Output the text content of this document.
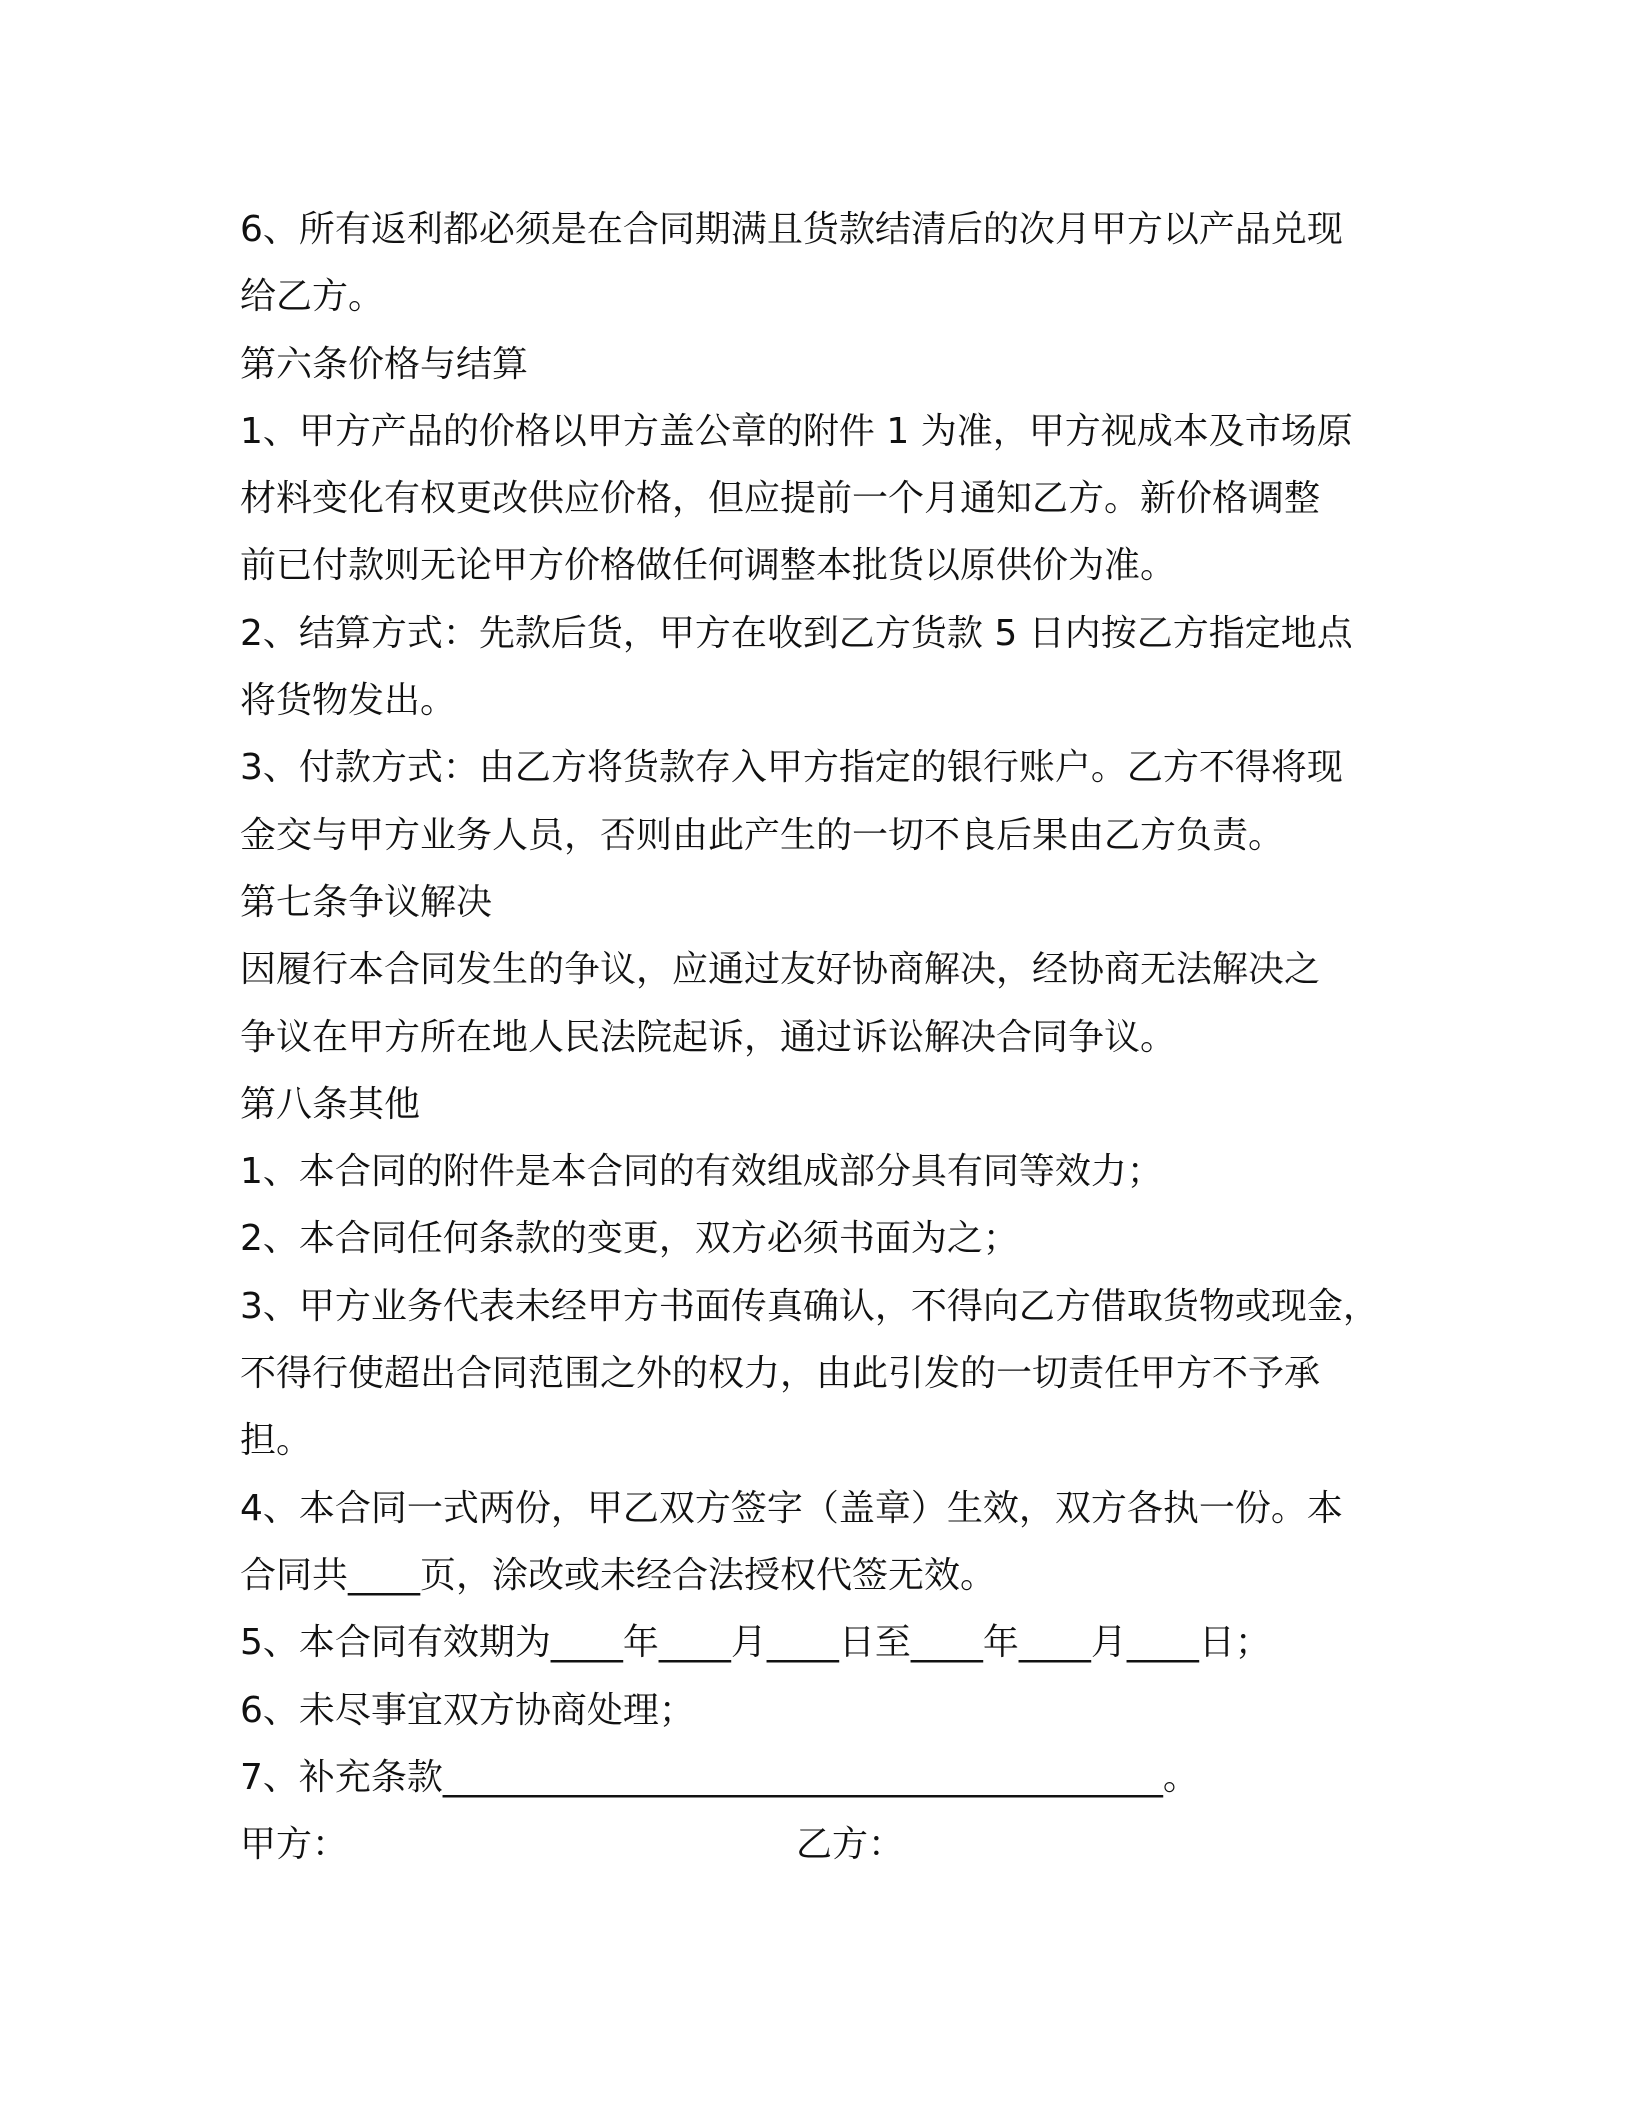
6、所有返利都必须是在合同期满且货款结清后的次月甲方以产品兑现
给乙方。
第六条价格与结算
1、甲方产品的价格以甲方盖公章的附件 1 为准，甲方视成本及市场原
材料变化有权更改供应价格，但应提前一个月通知乙方。新价格调整
前已付款则无论甲方价格做任何调整本批货以原供价为准。
2、结算方式：先款后货，甲方在收到乙方货款 5 日内按乙方指定地点
将货物发出。
3、付款方式：由乙方将货款存入甲方指定的银行账户。乙方不得将现
金交与甲方业务人员，否则由此产生的一切不良后果由乙方负责。
第七条争议解决
因履行本合同发生的争议，应通过友好协商解决，经协商无法解决之
争议在甲方所在地人民法院起诉，通过诉讼解决合同争议。
第八条其他
1、本合同的附件是本合同的有效组成部分具有同等效力；
2、本合同任何条款的变更，双方必须书面为之；
3、甲方业务代表未经甲方书面传真确认，不得向乙方借取货物或现金，
不得行使超出合同范围之外的权力，由此引发的一切责任甲方不予承
担。
4、本合同一式两份，甲乙双方签字（盖章）生效，双方各执一份。本
合同共____页，涂改或未经合法授权代签无效。
5、本合同有效期为____年____月____日至____年____月____日；
6、未尽事宜双方协商处理；
7、补充条款________________________________________。
甲方：	乙方：
